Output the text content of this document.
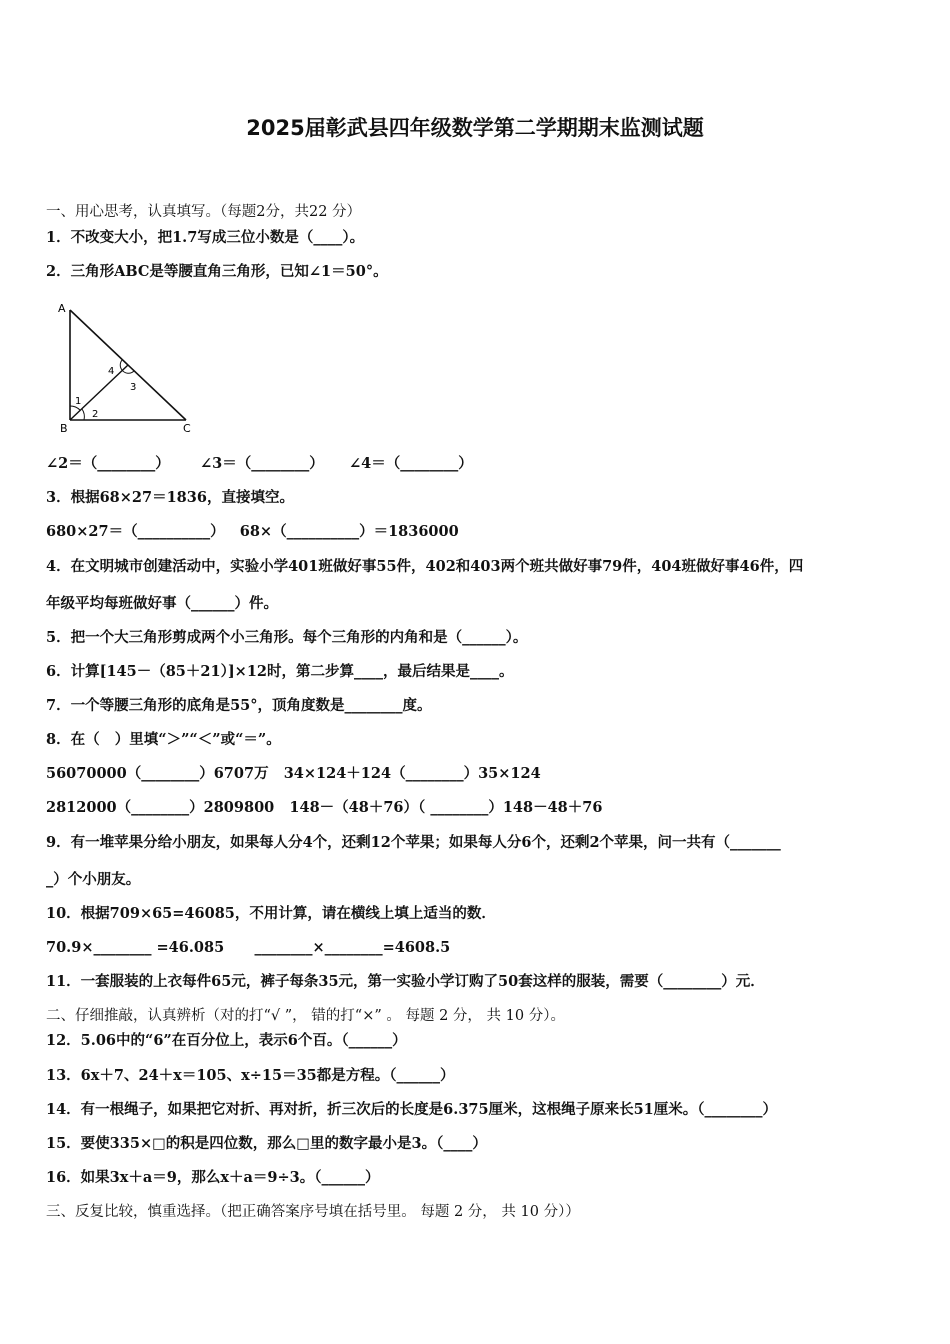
2025届彰武县四年级数学第二学期期末监测试题
一、用心思考，认真填写。（每题2分，共22 分）
1．不改变大小，把1.7写成三位小数是（____）。
2．三角形ABC是等腰直角三角形，已知∠1＝50°。
A
B	C
1
2
3
4
∠2＝（________）      ∠3＝（________）     ∠4＝（________）
3．根据68×27＝1836，直接填空。
680×27＝（__________）   68×（__________）＝1836000
4．在文明城市创建活动中，实验小学401班做好事55件，402和403两个班共做好事79件，404班做好事46件，四
年级平均每班做好事（______）件。
5．把一个大三角形剪成两个小三角形。每个三角形的内角和是（______）。
6．计算[145－（85＋21）]×12时，第二步算____，最后结果是____。
7．一个等腰三角形的底角是55°，顶角度数是________度。
8．在（   ）里填“＞”“＜”或“＝”。
56070000（________）6707万   34×124＋124（________）35×124
2812000（________）2809800   148－（48＋76）（ ________）148－48＋76
9．有一堆苹果分给小朋友，如果每人分4个，还剩12个苹果；如果每人分6个，还剩2个苹果，问一共有（_______
_）个小朋友。
10．根据709×65=46085，不用计算，请在横线上填上适当的数．
70.9×________ =46.085      ________×________=4608.5
11．一套服装的上衣每件65元，裤子每条35元，第一实验小学订购了50套这样的服装，需要（________）元．
二、仔细推敲，认真辨析（对的打“√ ”， 错的打“×” 。 每题 2 分， 共 10 分）。
12．5.06中的“6”在百分位上，表示6个百。（______）
13．6x＋7、24＋x＝105、x÷15＝35都是方程。（______）
14．有一根绳子，如果把它对折、再对折，折三次后的长度是6.375厘米，这根绳子原来长51厘米。（________）
15．要使335×□的积是四位数，那么□里的数字最小是3。（____）
16．如果3x＋a＝9，那么x＋a＝9÷3。（______）
三、反复比较，慎重选择。（把正确答案序号填在括号里。 每题 2 分， 共 10 分））
